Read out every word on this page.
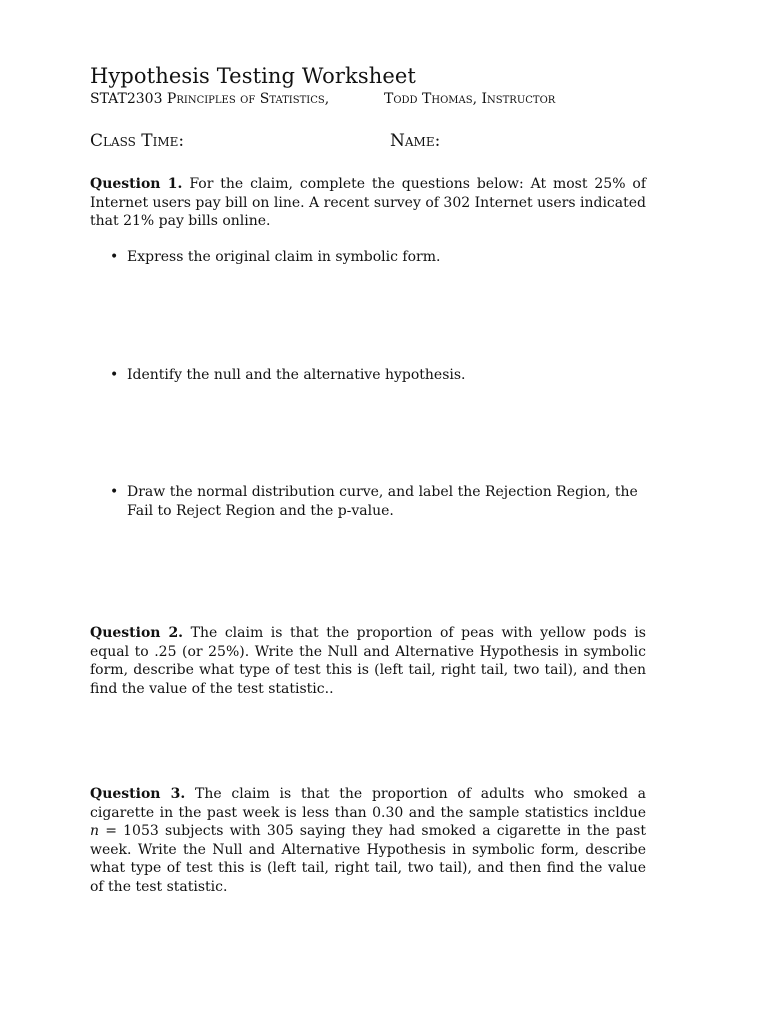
Hypothesis Testing Worksheet
STAT2303 Principles of Statistics,	Todd Thomas, Instructor
Class Time:	Name:

Question 1. For the claim, complete the questions below: At most 25% of Internet users pay bill on line. A recent survey of 302 Internet users indicated that 21% pay bills online.

• Express the original claim in symbolic form.
• Identify the null and the alternative hypothesis.
• Draw the normal distribution curve, and label the Rejection Region, the Fail to Reject Region and the p-value.

Question 2. The claim is that the proportion of peas with yellow pods is equal to .25 (or 25%). Write the Null and Alternative Hypothesis in symbolic form, describe what type of test this is (left tail, right tail, two tail), and then find the value of the test statistic..

Question 3. The claim is that the proportion of adults who smoked a cigarette in the past week is less than 0.30 and the sample statistics incldue n = 1053 subjects with 305 saying they had smoked a cigarette in the past week. Write the Null and Alternative Hypothesis in symbolic form, describe what type of test this is (left tail, right tail, two tail), and then find the value of the test statistic.
